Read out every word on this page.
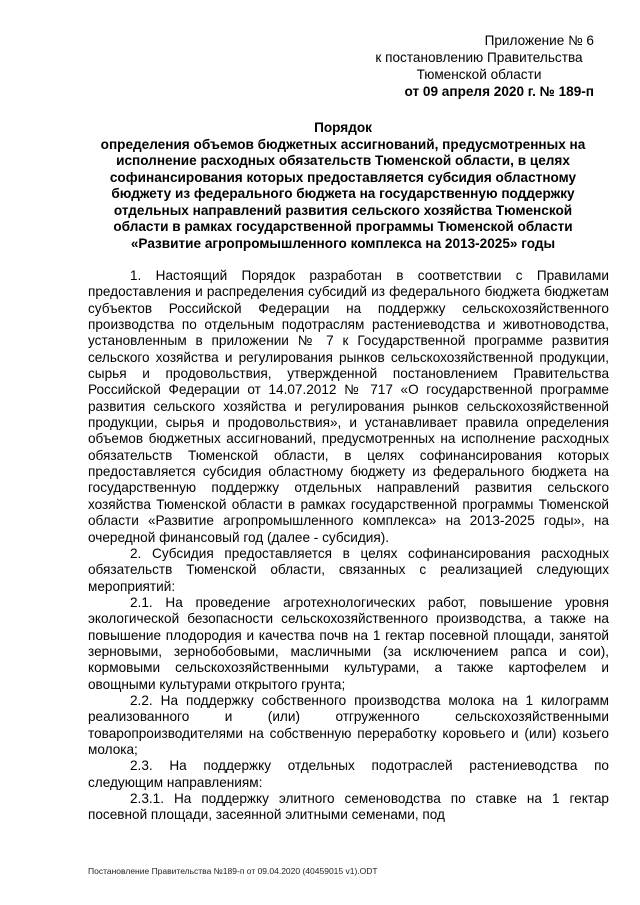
Приложение № 6
к постановлению Правительства
Тюменской области
от 09 апреля 2020 г. № 189-п
Порядок
определения объемов бюджетных ассигнований, предусмотренных на исполнение расходных обязательств Тюменской области, в целях софинансирования которых предоставляется субсидия областному бюджету из федерального бюджета на государственную поддержку отдельных направлений развития сельского хозяйства Тюменской области в рамках государственной программы Тюменской области «Развитие агропромышленного комплекса на 2013-2025» годы

1. Настоящий Порядок разработан в соответствии с Правилами предоставления и распределения субсидий из федерального бюджета бюджетам субъектов Российской Федерации на поддержку сельскохозяйственного производства по отдельным подотраслям растениеводства и животноводства, установленным в приложении № 7 к Государственной программе развития сельского хозяйства и регулирования рынков сельскохозяйственной продукции, сырья и продовольствия, утвержденной постановлением Правительства Российской Федерации от 14.07.2012 № 717 «О государственной программе развития сельского хозяйства и регулирования рынков сельскохозяйственной продукции, сырья и продовольствия», и устанавливает правила определения объемов бюджетных ассигнований, предусмотренных на исполнение расходных обязательств Тюменской области, в целях софинансирования которых предоставляется субсидия областному бюджету из федерального бюджета на государственную поддержку отдельных направлений развития сельского хозяйства Тюменской области в рамках государственной программы Тюменской области «Развитие агропромышленного комплекса» на 2013-2025 годы», на очередной финансовый год (далее - субсидия).

2. Субсидия предоставляется в целях софинансирования расходных обязательств Тюменской области, связанных с реализацией следующих мероприятий:

2.1. На проведение агротехнологических работ, повышение уровня экологической безопасности сельскохозяйственного производства, а также на повышение плодородия и качества почв на 1 гектар посевной площади, занятой зерновыми, зернобобовыми, масличными (за исключением рапса и сои), кормовыми сельскохозяйственными культурами, а также картофелем и овощными культурами открытого грунта;

2.2. На поддержку собственного производства молока на 1 килограмм реализованного и (или) отгруженного сельскохозяйственными товаропроизводителями на собственную переработку коровьего и (или) козьего молока;

2.3. На поддержку отдельных подотраслей растениеводства по следующим направлениям:

2.3.1. На поддержку элитного семеноводства по ставке на 1 гектар посевной площади, засеянной элитными семенами, под

Постановление Правительства №189-п от 09.04.2020 (40459015 v1).ODT
